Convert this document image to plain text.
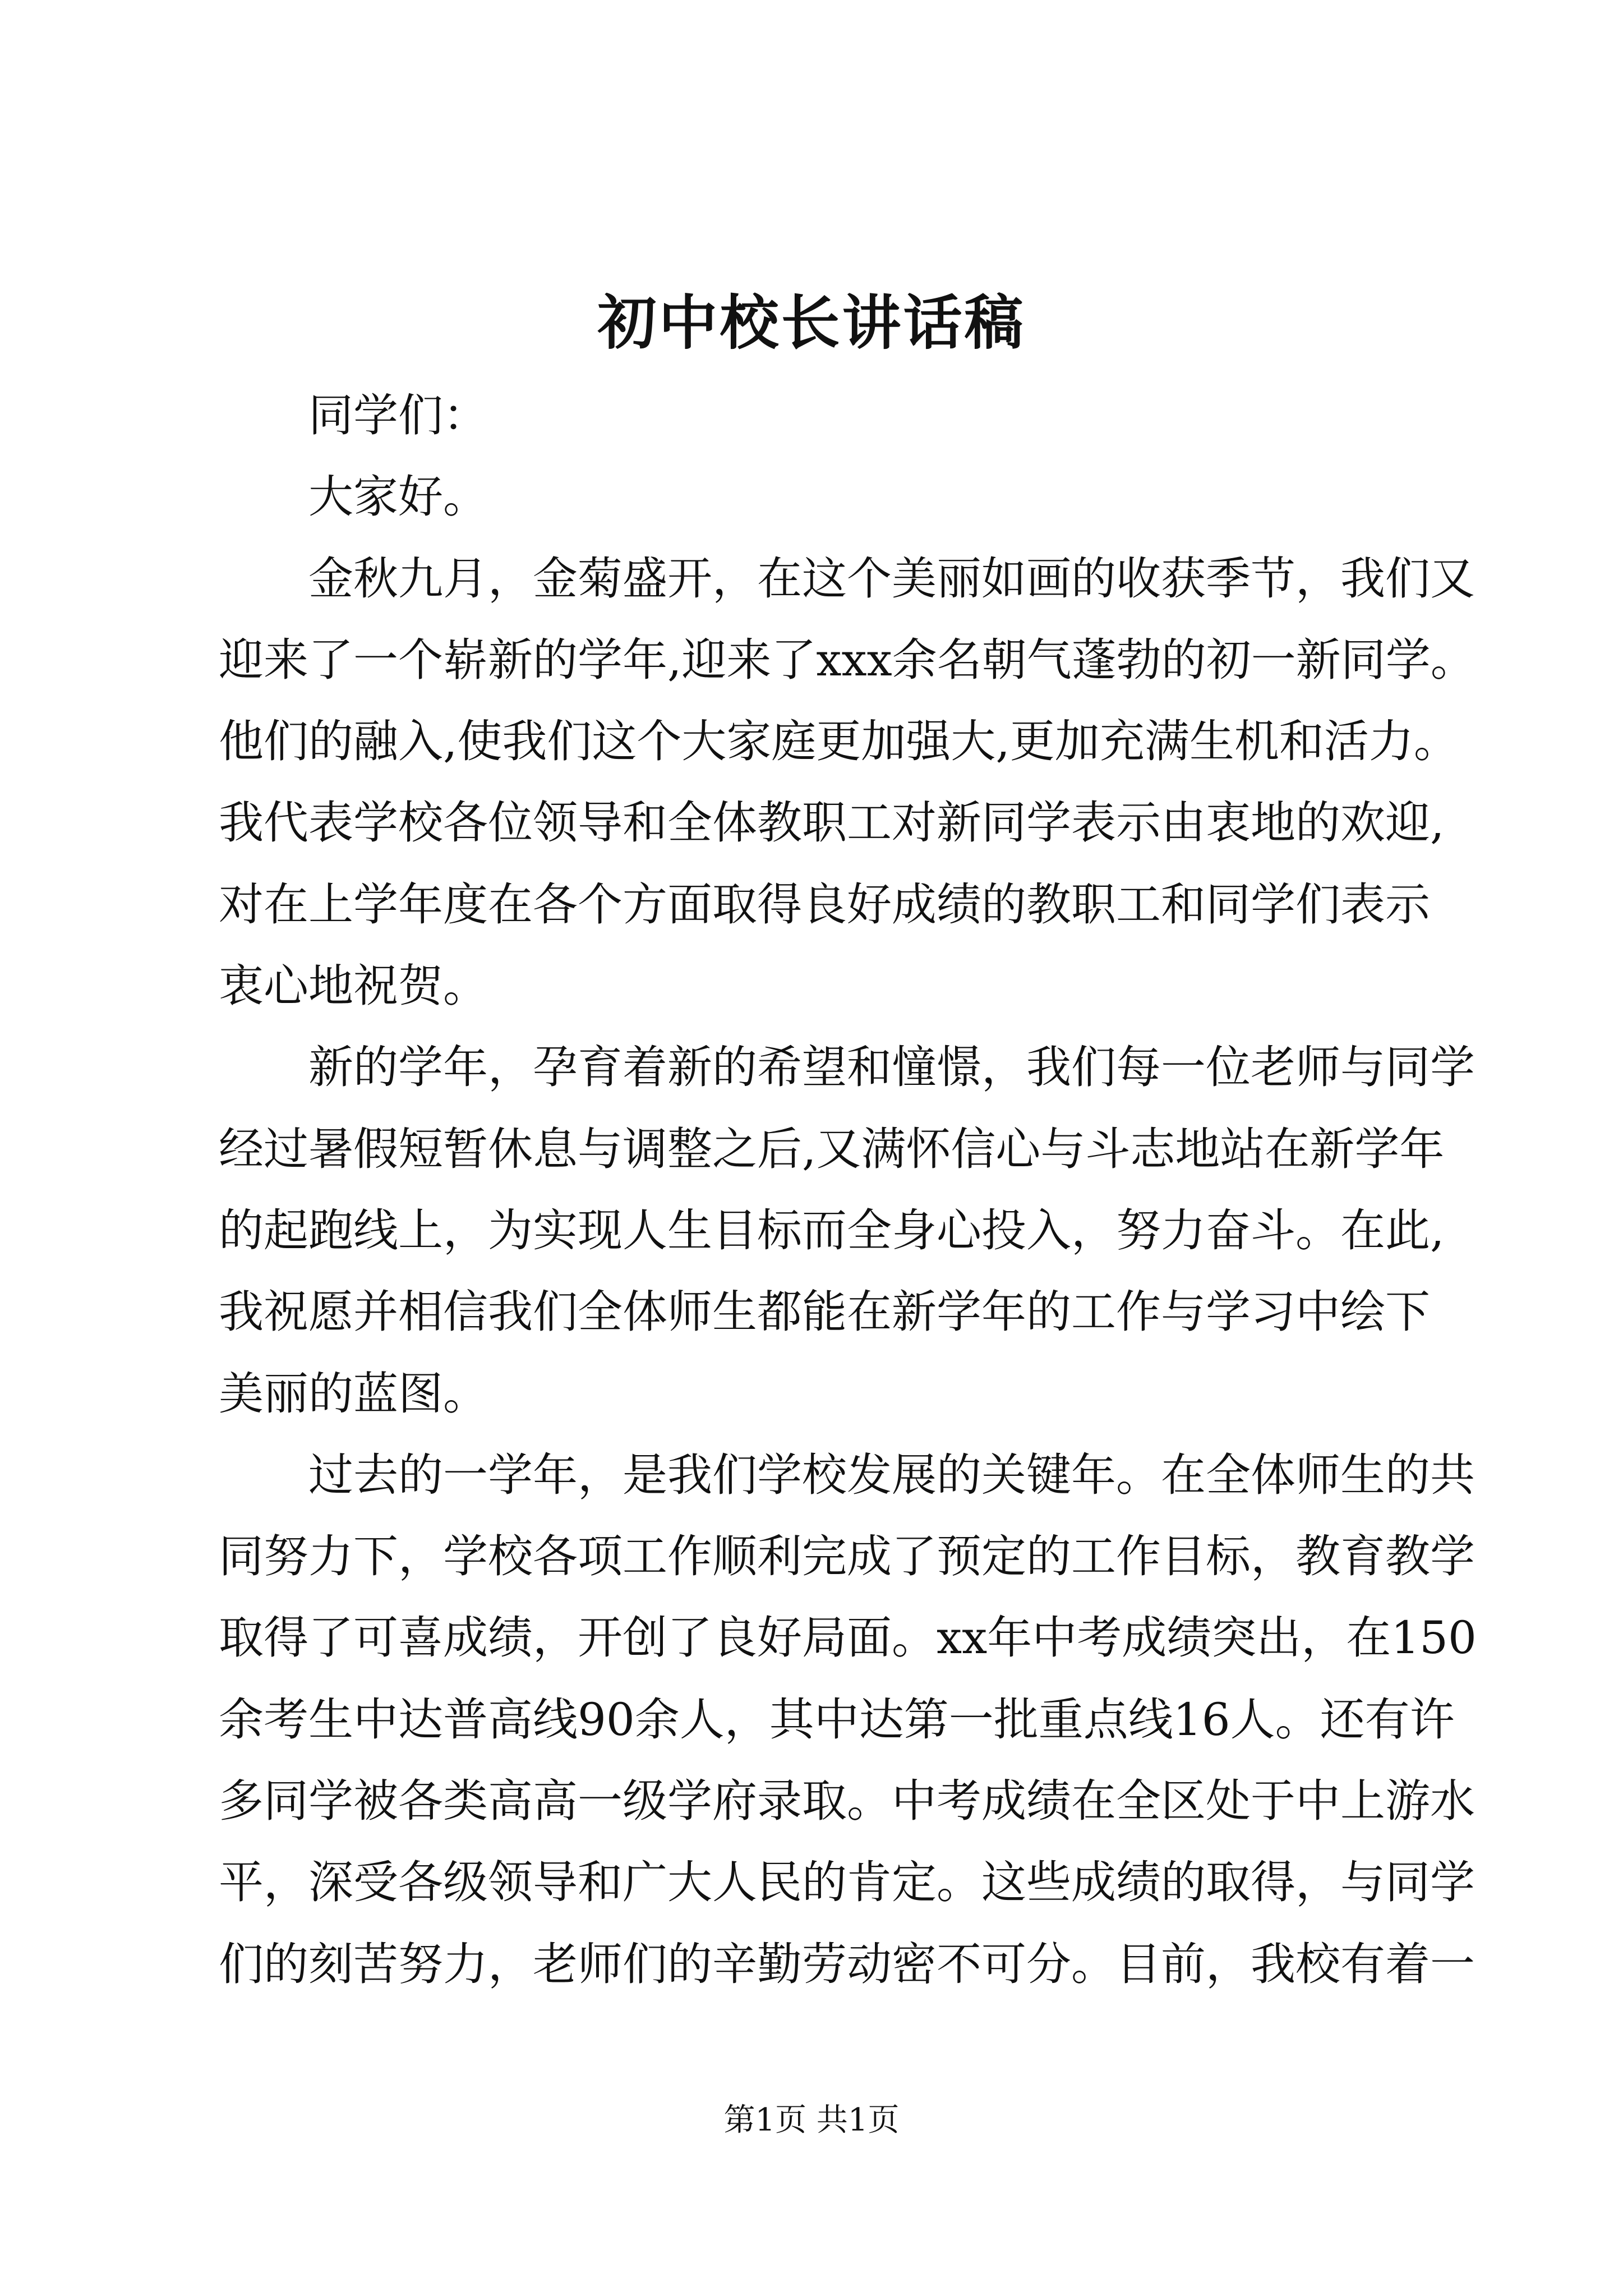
初中校长讲话稿
同学们：
大家好。
金秋九月，金菊盛开，在这个美丽如画的收获季节，我们又
迎来了一个崭新的学年,迎来了xxx余名朝气蓬勃的初一新同学。
他们的融入,使我们这个大家庭更加强大,更加充满生机和活力。
我代表学校各位领导和全体教职工对新同学表示由衷地的欢迎,
对在上学年度在各个方面取得良好成绩的教职工和同学们表示
衷心地祝贺。
新的学年，孕育着新的希望和憧憬，我们每一位老师与同学
经过暑假短暂休息与调整之后,又满怀信心与斗志地站在新学年
的起跑线上，为实现人生目标而全身心投入，努力奋斗。在此,
我祝愿并相信我们全体师生都能在新学年的工作与学习中绘下
美丽的蓝图。
过去的一学年，是我们学校发展的关键年。在全体师生的共
同努力下，学校各项工作顺利完成了预定的工作目标，教育教学
取得了可喜成绩，开创了良好局面。xx年中考成绩突出，在150
余考生中达普高线90余人，其中达第一批重点线16人。还有许
多同学被各类高高一级学府录取。中考成绩在全区处于中上游水
平，深受各级领导和广大人民的肯定。这些成绩的取得，与同学
们的刻苦努力，老师们的辛勤劳动密不可分。目前，我校有着一
第1页 共1页
